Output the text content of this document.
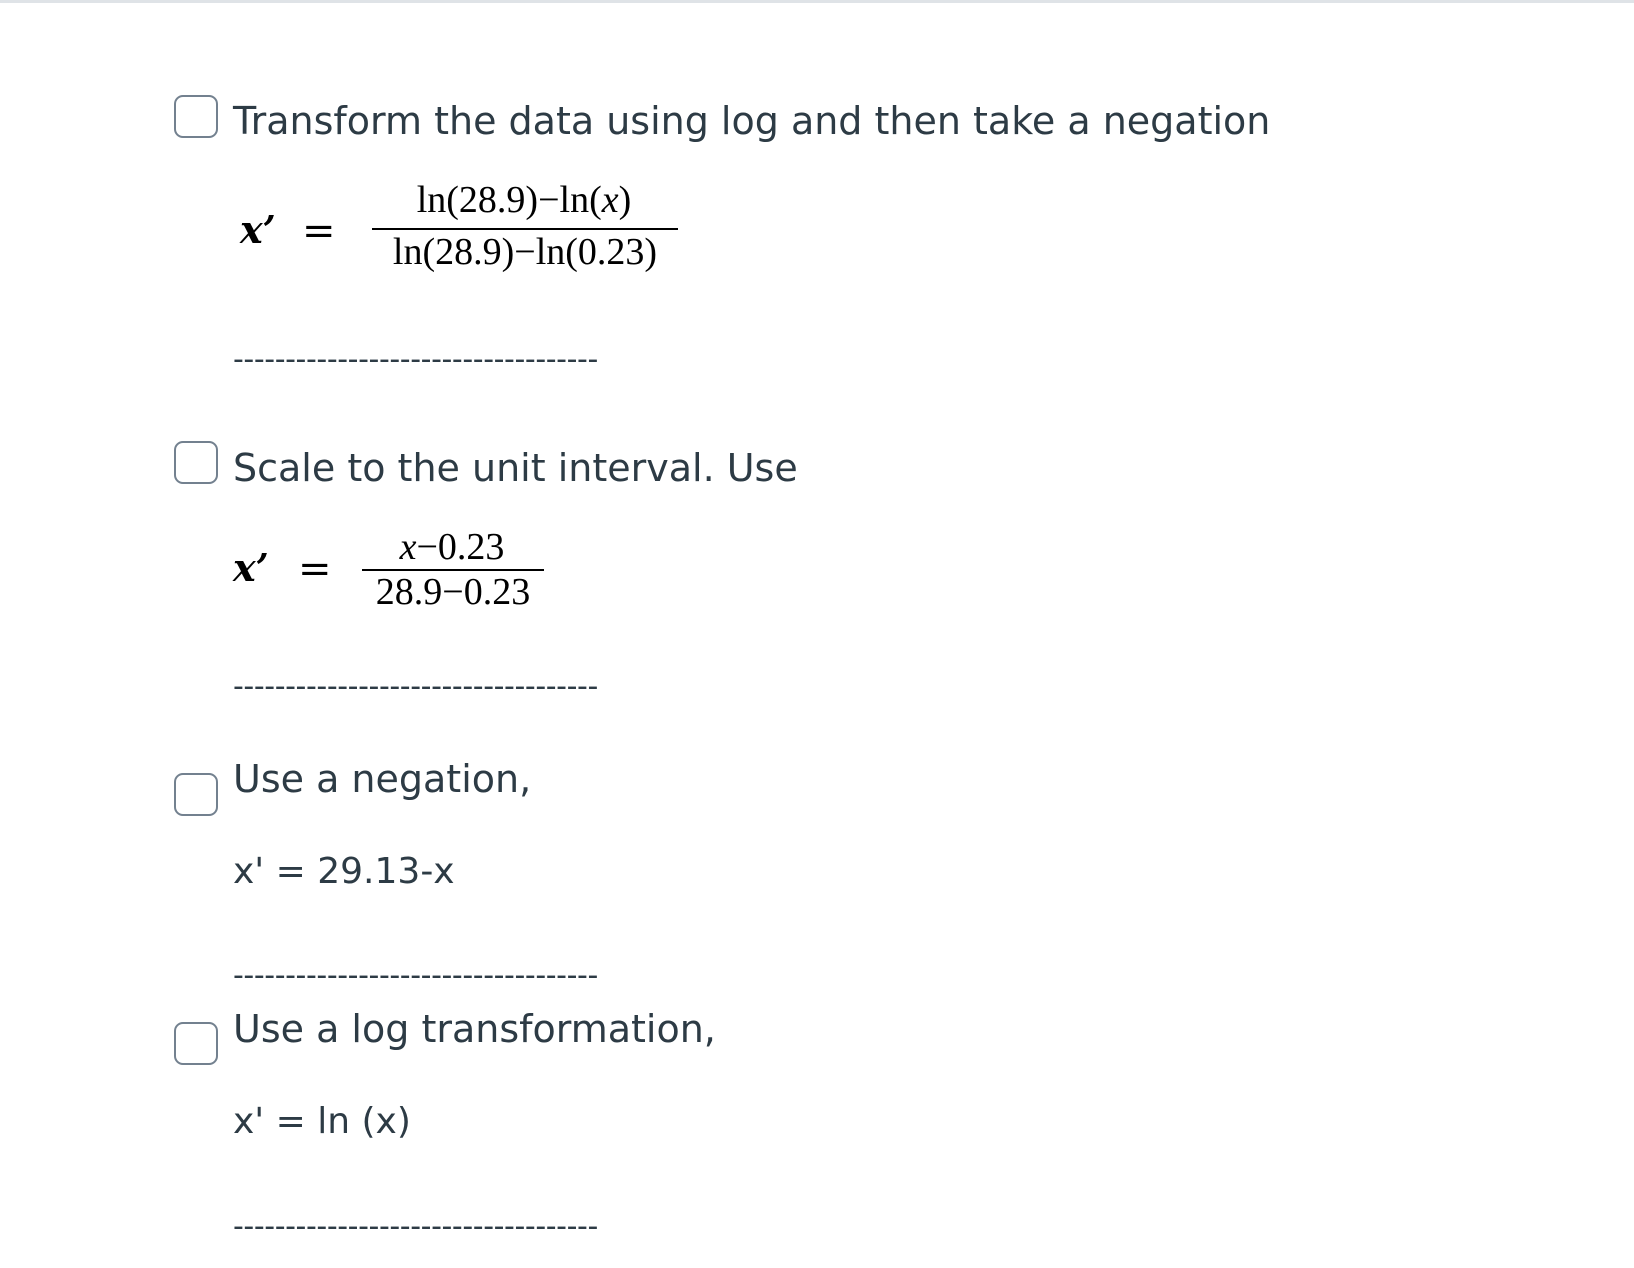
Transform the data using log and then take a negation
x’ =
ln(28.9)−ln(x)
ln(28.9)−ln(0.23)
-----------------------------------
Scale to the unit interval. Use
x’ =	x−0.23
28.9−0.23
-----------------------------------
Use a negation,
x' = 29.13-x
-----------------------------------
Use a log transformation,
x' = ln (x)
-----------------------------------
